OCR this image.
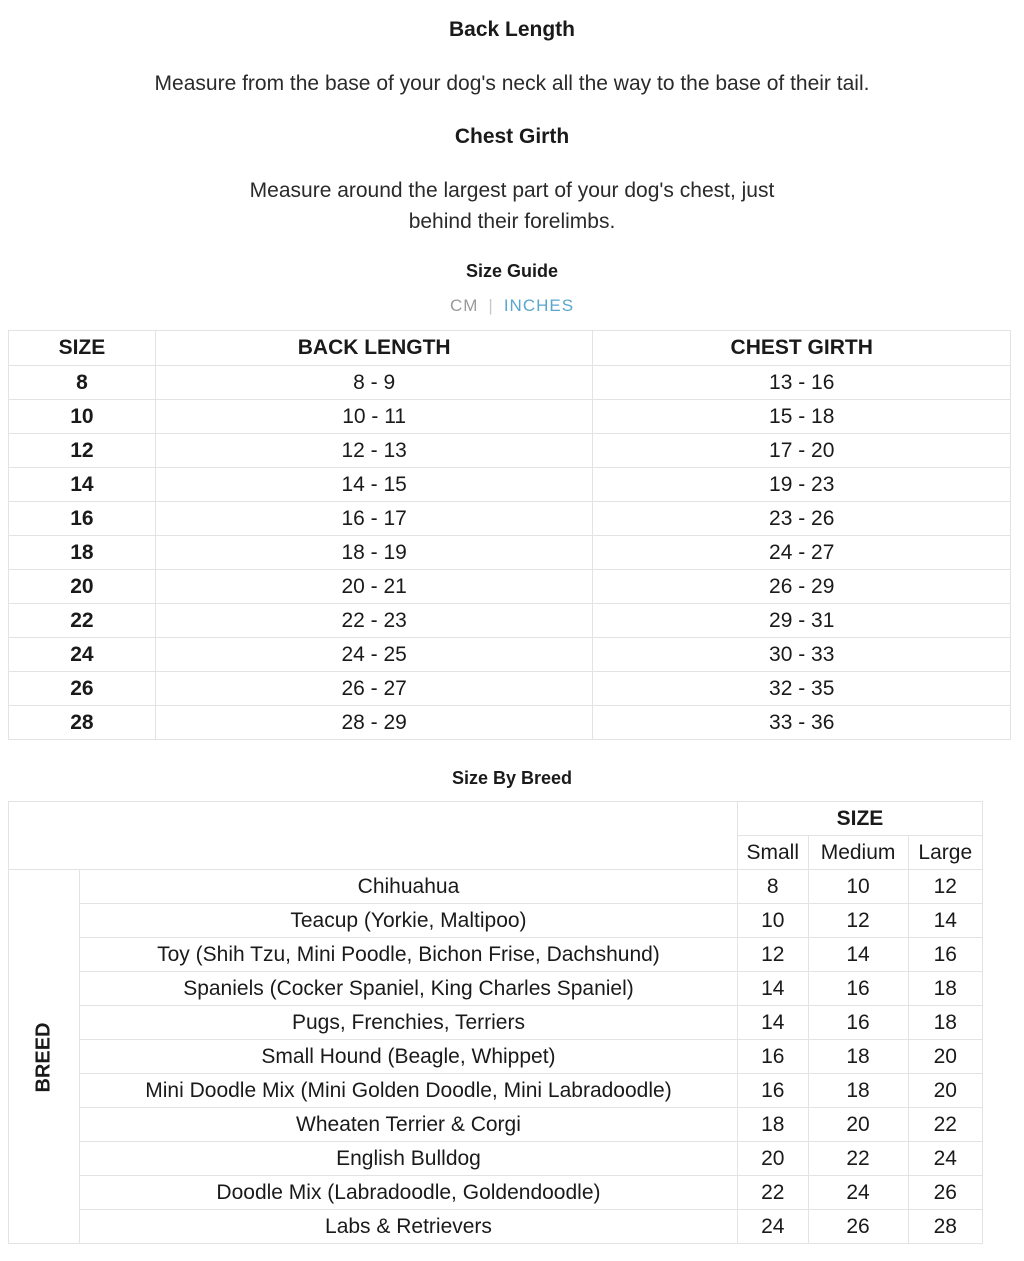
Back Length
Measure from the base of your dog's neck all the way to the base of their tail.
Chest Girth
Measure around the largest part of your dog's chest, just
behind their forelimbs.
Size Guide
CM | INCHES
SIZE	BACK LENGTH	CHEST GIRTH
8	8 - 9	13 - 16
10	10 - 11	15 - 18
12	12 - 13	17 - 20
14	14 - 15	19 - 23
16	16 - 17	23 - 26
18	18 - 19	24 - 27
20	20 - 21	26 - 29
22	22 - 23	29 - 31
24	24 - 25	30 - 33
26	26 - 27	32 - 35
28	28 - 29	33 - 36
Size By Breed
		SIZE		
		Small	Medium	Large
BREED	Chihuahua	8	10	12
	Teacup (Yorkie, Maltipoo)	10	12	14
	Toy (Shih Tzu, Mini Poodle, Bichon Frise, Dachshund)	12	14	16
	Spaniels (Cocker Spaniel, King Charles Spaniel)	14	16	18
	Pugs, Frenchies, Terriers	14	16	18
	Small Hound (Beagle, Whippet)	16	18	20
	Mini Doodle Mix (Mini Golden Doodle, Mini Labradoodle)	16	18	20
	Wheaten Terrier & Corgi	18	20	22
	English Bulldog	20	22	24
	Doodle Mix (Labradoodle, Goldendoodle)	22	24	26
	Labs & Retrievers	24	26	28
